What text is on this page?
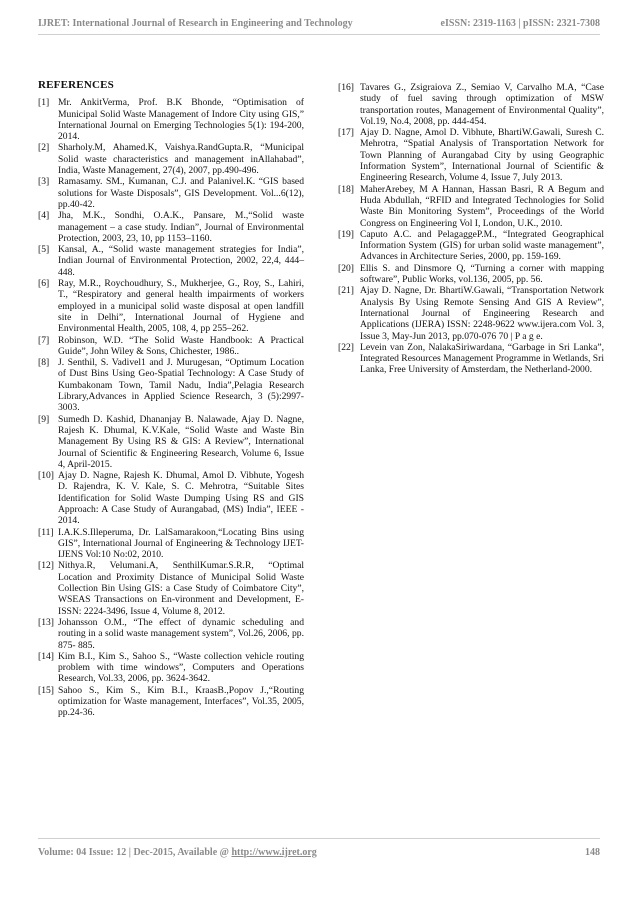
IJRET: International Journal of Research in Engineering and Technology	eISSN: 2319-1163 | pISSN: 2321-7308
REFERENCES
[1] Mr. AnkitVerma, Prof. B.K Bhonde, “Optimisation of Municipal Solid Waste Management of Indore City using GIS,” International Journal on Emerging Technologies 5(1): 194-200, 2014.
[2] Sharholy.M, Ahamed.K, Vaishya.RandGupta.R, “Municipal Solid waste characteristics and management inAllahabad”, India, Waste Management, 27(4), 2007, pp.490-496.
[3] Ramasamy. SM., Kumanan, C.J. and Palanivel.K. “GIS based solutions for Waste Disposals”, GIS Development. Vol...6(12), pp.40-42.
[4] Jha, M.K., Sondhi, O.A.K., Pansare, M.,“Solid waste management – a case study. Indian”, Journal of Environmental Protection, 2003, 23, 10, pp 1153–1160.
[5] Kansal, A., “Solid waste management strategies for India”, Indian Journal of Environmental Protection, 2002, 22,4, 444–448.
[6] Ray, M.R., Roychoudhury, S., Mukherjee, G., Roy, S., Lahiri, T., “Respiratory and general health impairments of workers employed in a municipal solid waste disposal at open landfill site in Delhi”, International Journal of Hygiene and Environmental Health, 2005, 108, 4, pp 255–262.
[7] Robinson, W.D. “The Solid Waste Handbook: A Practical Guide”, John Wiley & Sons, Chichester, 1986..
[8] J. Senthil, S. Vadivel1 and J. Murugesan, “Optimum Location of Dust Bins Using Geo-Spatial Technology: A Case Study of Kumbakonam Town, Tamil Nadu, India”,Pelagia Research Library,Advances in Applied Science Research, 3 (5):2997-3003.
[9] Sumedh D. Kashid, Dhananjay B. Nalawade, Ajay D. Nagne, Rajesh K. Dhumal, K.V.Kale, “Solid Waste and Waste Bin Management By Using RS & GIS: A Review”, International Journal of Scientific & Engineering Research, Volume 6, Issue 4, April-2015.
[10] Ajay D. Nagne, Rajesh K. Dhumal, Amol D. Vibhute, Yogesh D. Rajendra, K. V. Kale, S. C. Mehrotra, “Suitable Sites Identification for Solid Waste Dumping Using RS and GIS Approach: A Case Study of Aurangabad, (MS) India”, IEEE - 2014.
[11] I.A.K.S.Illeperuma, Dr. LalSamarakoon,“Locating Bins using GIS”, International Journal of Engineering & Technology IJET-IJENS Vol:10 No:02, 2010.
[12] Nithya.R, Velumani.A, SenthilKumar.S.R.R, “Optimal Location and Proximity Distance of Municipal Solid Waste Collection Bin Using GIS: a Case Study of Coimbatore City”, WSEAS Transactions on En-vironment and Development, E-ISSN: 2224-3496, Issue 4, Volume 8, 2012.
[13] Johansson O.M., “The effect of dynamic scheduling and routing in a solid waste management system”, Vol.26, 2006, pp. 875- 885.
[14] Kim B.I., Kim S., Sahoo S., “Waste collection vehicle routing problem with time windows”, Computers and Operations Research, Vol.33, 2006, pp. 3624-3642.
[15] Sahoo S., Kim S., Kim B.I., KraasB.,Popov J.,“Routing optimization for Waste management, Interfaces”, Vol.35, 2005, pp.24-36.
[16] Tavares G., Zsigraiova Z., Semiao V, Carvalho M.A, “Case study of fuel saving through optimization of MSW transportation routes, Management of Environmental Quality”, Vol.19, No.4, 2008, pp. 444-454.
[17] Ajay D. Nagne, Amol D. Vibhute, BhartiW.Gawali, Suresh C. Mehrotra, “Spatial Analysis of Transportation Network for Town Planning of Aurangabad City by using Geographic Information System”, International Journal of Scientific & Engineering Research, Volume 4, Issue 7, July 2013.
[18] MaherArebey, M A Hannan, Hassan Basri, R A Begum and Huda Abdullah, “RFID and Integrated Technologies for Solid Waste Bin Monitoring System”, Proceedings of the World Congress on Engineering Vol I, London, U.K., 2010.
[19] Caputo A.C. and PelagaggeP.M., “Integrated Geographical Information System (GIS) for urban solid waste management”, Advances in Architecture Series, 2000, pp. 159-169.
[20] Ellis S. and Dinsmore Q, “Turning a corner with mapping software”, Public Works, vol.136, 2005, pp. 56.
[21] Ajay D. Nagne, Dr. BhartiW.Gawali, “Transportation Network Analysis By Using Remote Sensing And GIS A Review”, International Journal of Engineering Research and Applications (IJERA) ISSN: 2248-9622 www.ijera.com Vol. 3, Issue 3, May-Jun 2013, pp.070-076 70 | P a g e.
[22] Levein van Zon, NalakaSiriwardana, “Garbage in Sri Lanka”, Integrated Resources Management Programme in Wetlands, Sri Lanka, Free University of Amsterdam, the Netherland-2000.
Volume: 04 Issue: 12 | Dec-2015, Available @ http://www.ijret.org	148
